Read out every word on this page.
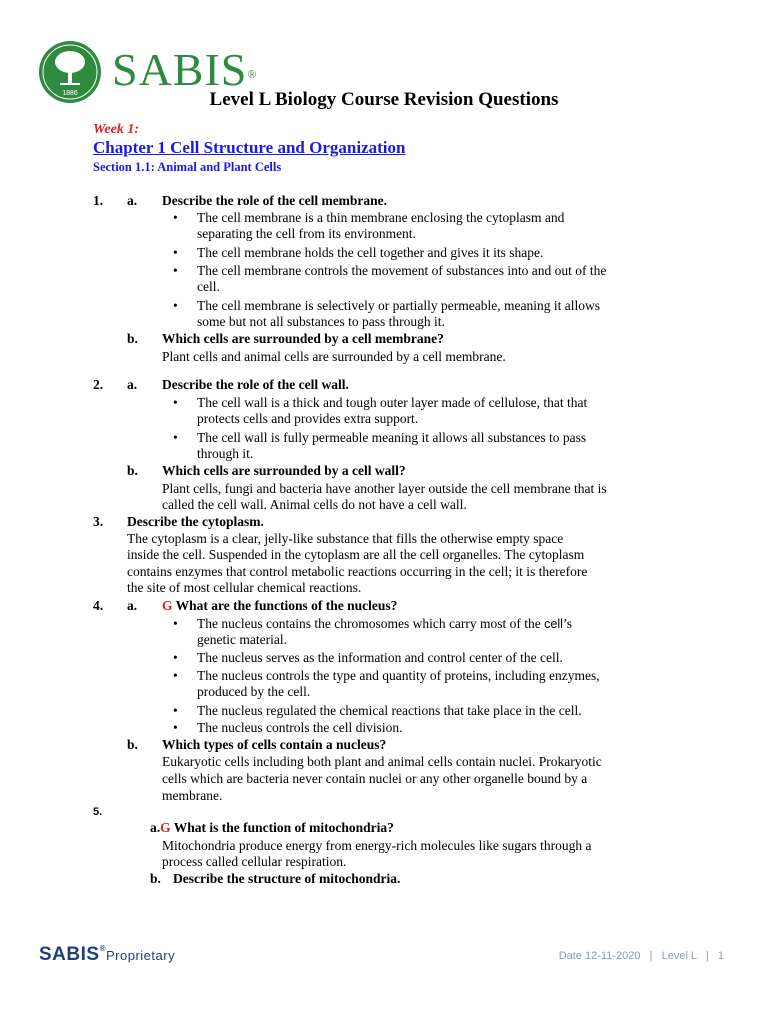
1886 SABIS®
Level L Biology Course Revision Questions
Week 1:
Chapter 1 Cell Structure and Organization
Section 1.1: Animal and Plant Cells
1. a. Describe the role of the cell membrane.
• The cell membrane is a thin membrane enclosing the cytoplasm and
separating the cell from its environment.
• The cell membrane holds the cell together and gives it its shape.
• The cell membrane controls the movement of substances into and out of the
cell.
• The cell membrane is selectively or partially permeable, meaning it allows
some but not all substances to pass through it.
b. Which cells are surrounded by a cell membrane?
Plant cells and animal cells are surrounded by a cell membrane.
2. a. Describe the role of the cell wall.
• The cell wall is a thick and tough outer layer made of cellulose, that that
protects cells and provides extra support.
• The cell wall is fully permeable meaning it allows all substances to pass
through it.
b. Which cells are surrounded by a cell wall?
Plant cells, fungi and bacteria have another layer outside the cell membrane that is
called the cell wall. Animal cells do not have a cell wall.
3. Describe the cytoplasm.
The cytoplasm is a clear, jelly-like substance that fills the otherwise empty space
inside the cell. Suspended in the cytoplasm are all the cell organelles. The cytoplasm
contains enzymes that control metabolic reactions occurring in the cell; it is therefore
the site of most cellular chemical reactions.
4. a. G What are the functions of the nucleus?
• The nucleus contains the chromosomes which carry most of the cell’s
genetic material.
• The nucleus serves as the information and control center of the cell.
• The nucleus controls the type and quantity of proteins, including enzymes,
produced by the cell.
• The nucleus regulated the chemical reactions that take place in the cell.
• The nucleus controls the cell division.
b. Which types of cells contain a nucleus?
Eukaryotic cells including both plant and animal cells contain nuclei. Prokaryotic
cells which are bacteria never contain nuclei or any other organelle bound by a
membrane.
5.
a.G What is the function of mitochondria?
Mitochondria produce energy from energy-rich molecules like sugars through a
process called cellular respiration.
b. Describe the structure of mitochondria.
SABIS®Proprietary	Date 12-11-2020   |   Level L   |   1
